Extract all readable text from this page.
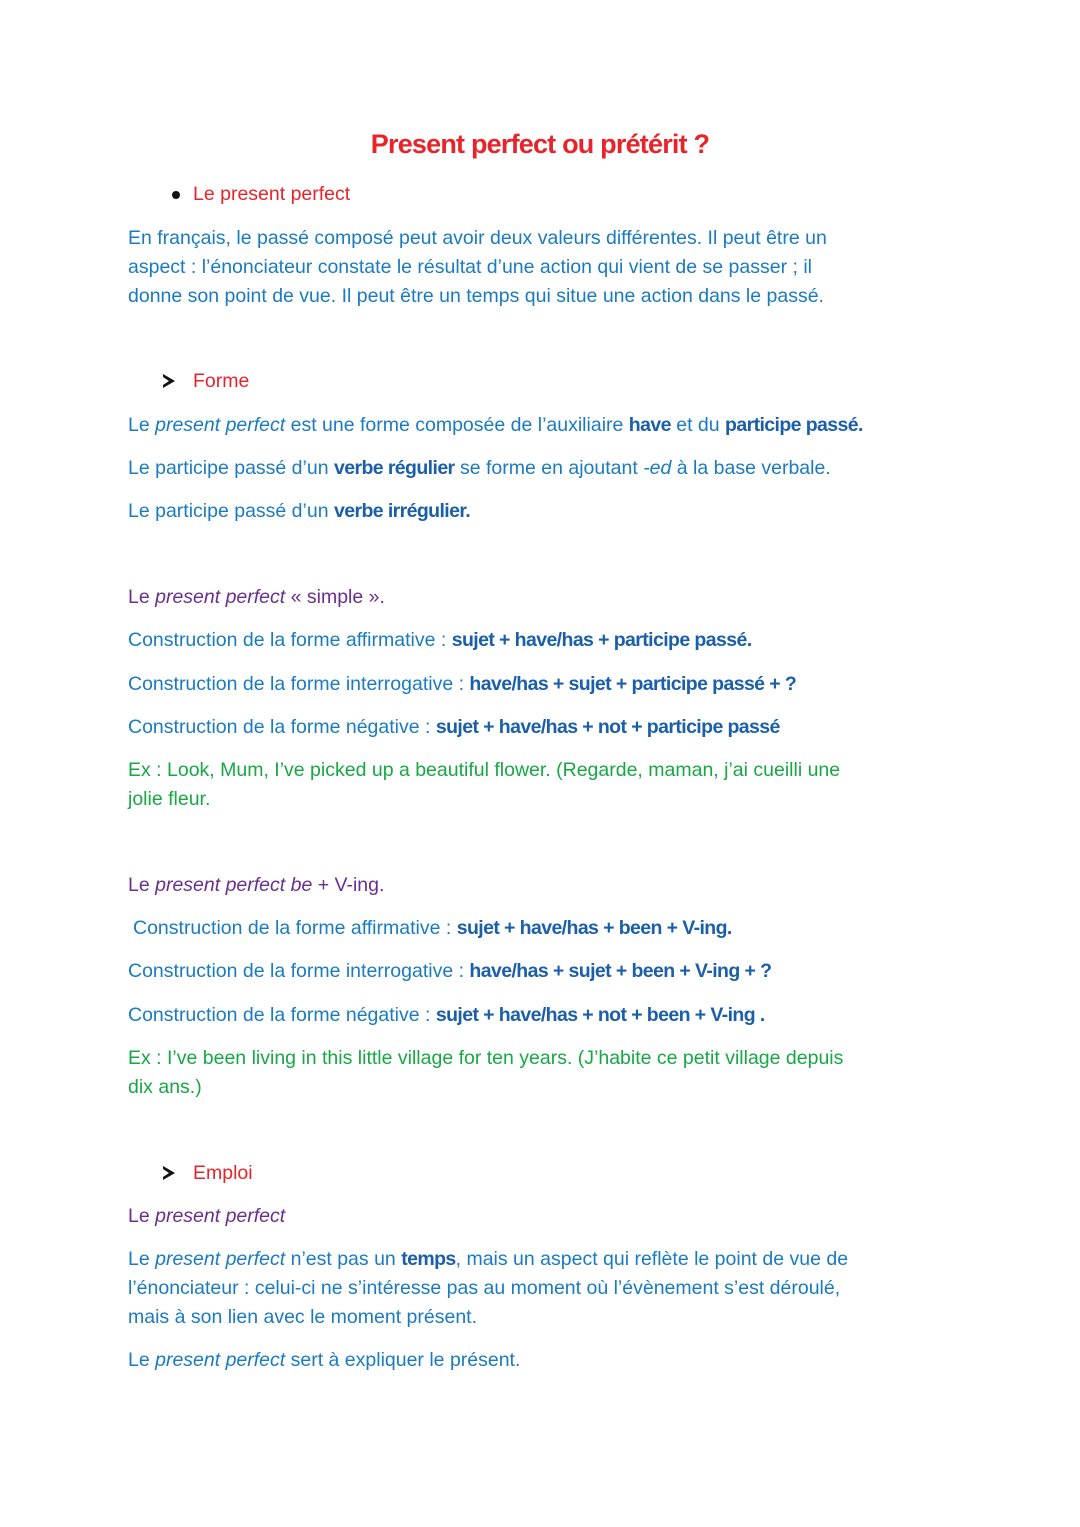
Present perfect ou prétérit ?
Le present perfect
En français, le passé composé peut avoir deux valeurs différentes. Il peut être un
aspect : l’énonciateur constate le résultat d’une action qui vient de se passer ; il
donne son point de vue. Il peut être un temps qui situe une action dans le passé.
Forme
Le present perfect est une forme composée de l’auxiliaire have et du participe passé.
Le participe passé d’un verbe régulier se forme en ajoutant -ed à la base verbale.
Le participe passé d’un verbe irrégulier.
Le present perfect « simple ».
Construction de la forme affirmative : sujet + have/has + participe passé.
Construction de la forme interrogative : have/has + sujet + participe passé + ?
Construction de la forme négative : sujet + have/has + not + participe passé
Ex : Look, Mum, I’ve picked up a beautiful flower. (Regarde, maman, j’ai cueilli une
jolie fleur.
Le present perfect be + V-ing.
Construction de la forme affirmative : sujet + have/has + been + V-ing.
Construction de la forme interrogative : have/has + sujet + been + V-ing + ?
Construction de la forme négative : sujet + have/has + not + been + V-ing .
Ex : I’ve been living in this little village for ten years. (J’habite ce petit village depuis
dix ans.)
Emploi
Le present perfect
Le present perfect n’est pas un temps, mais un aspect qui reflète le point de vue de
l’énonciateur : celui-ci ne s’intéresse pas au moment où l’évènement s’est déroulé,
mais à son lien avec le moment présent.
Le present perfect sert à expliquer le présent.
